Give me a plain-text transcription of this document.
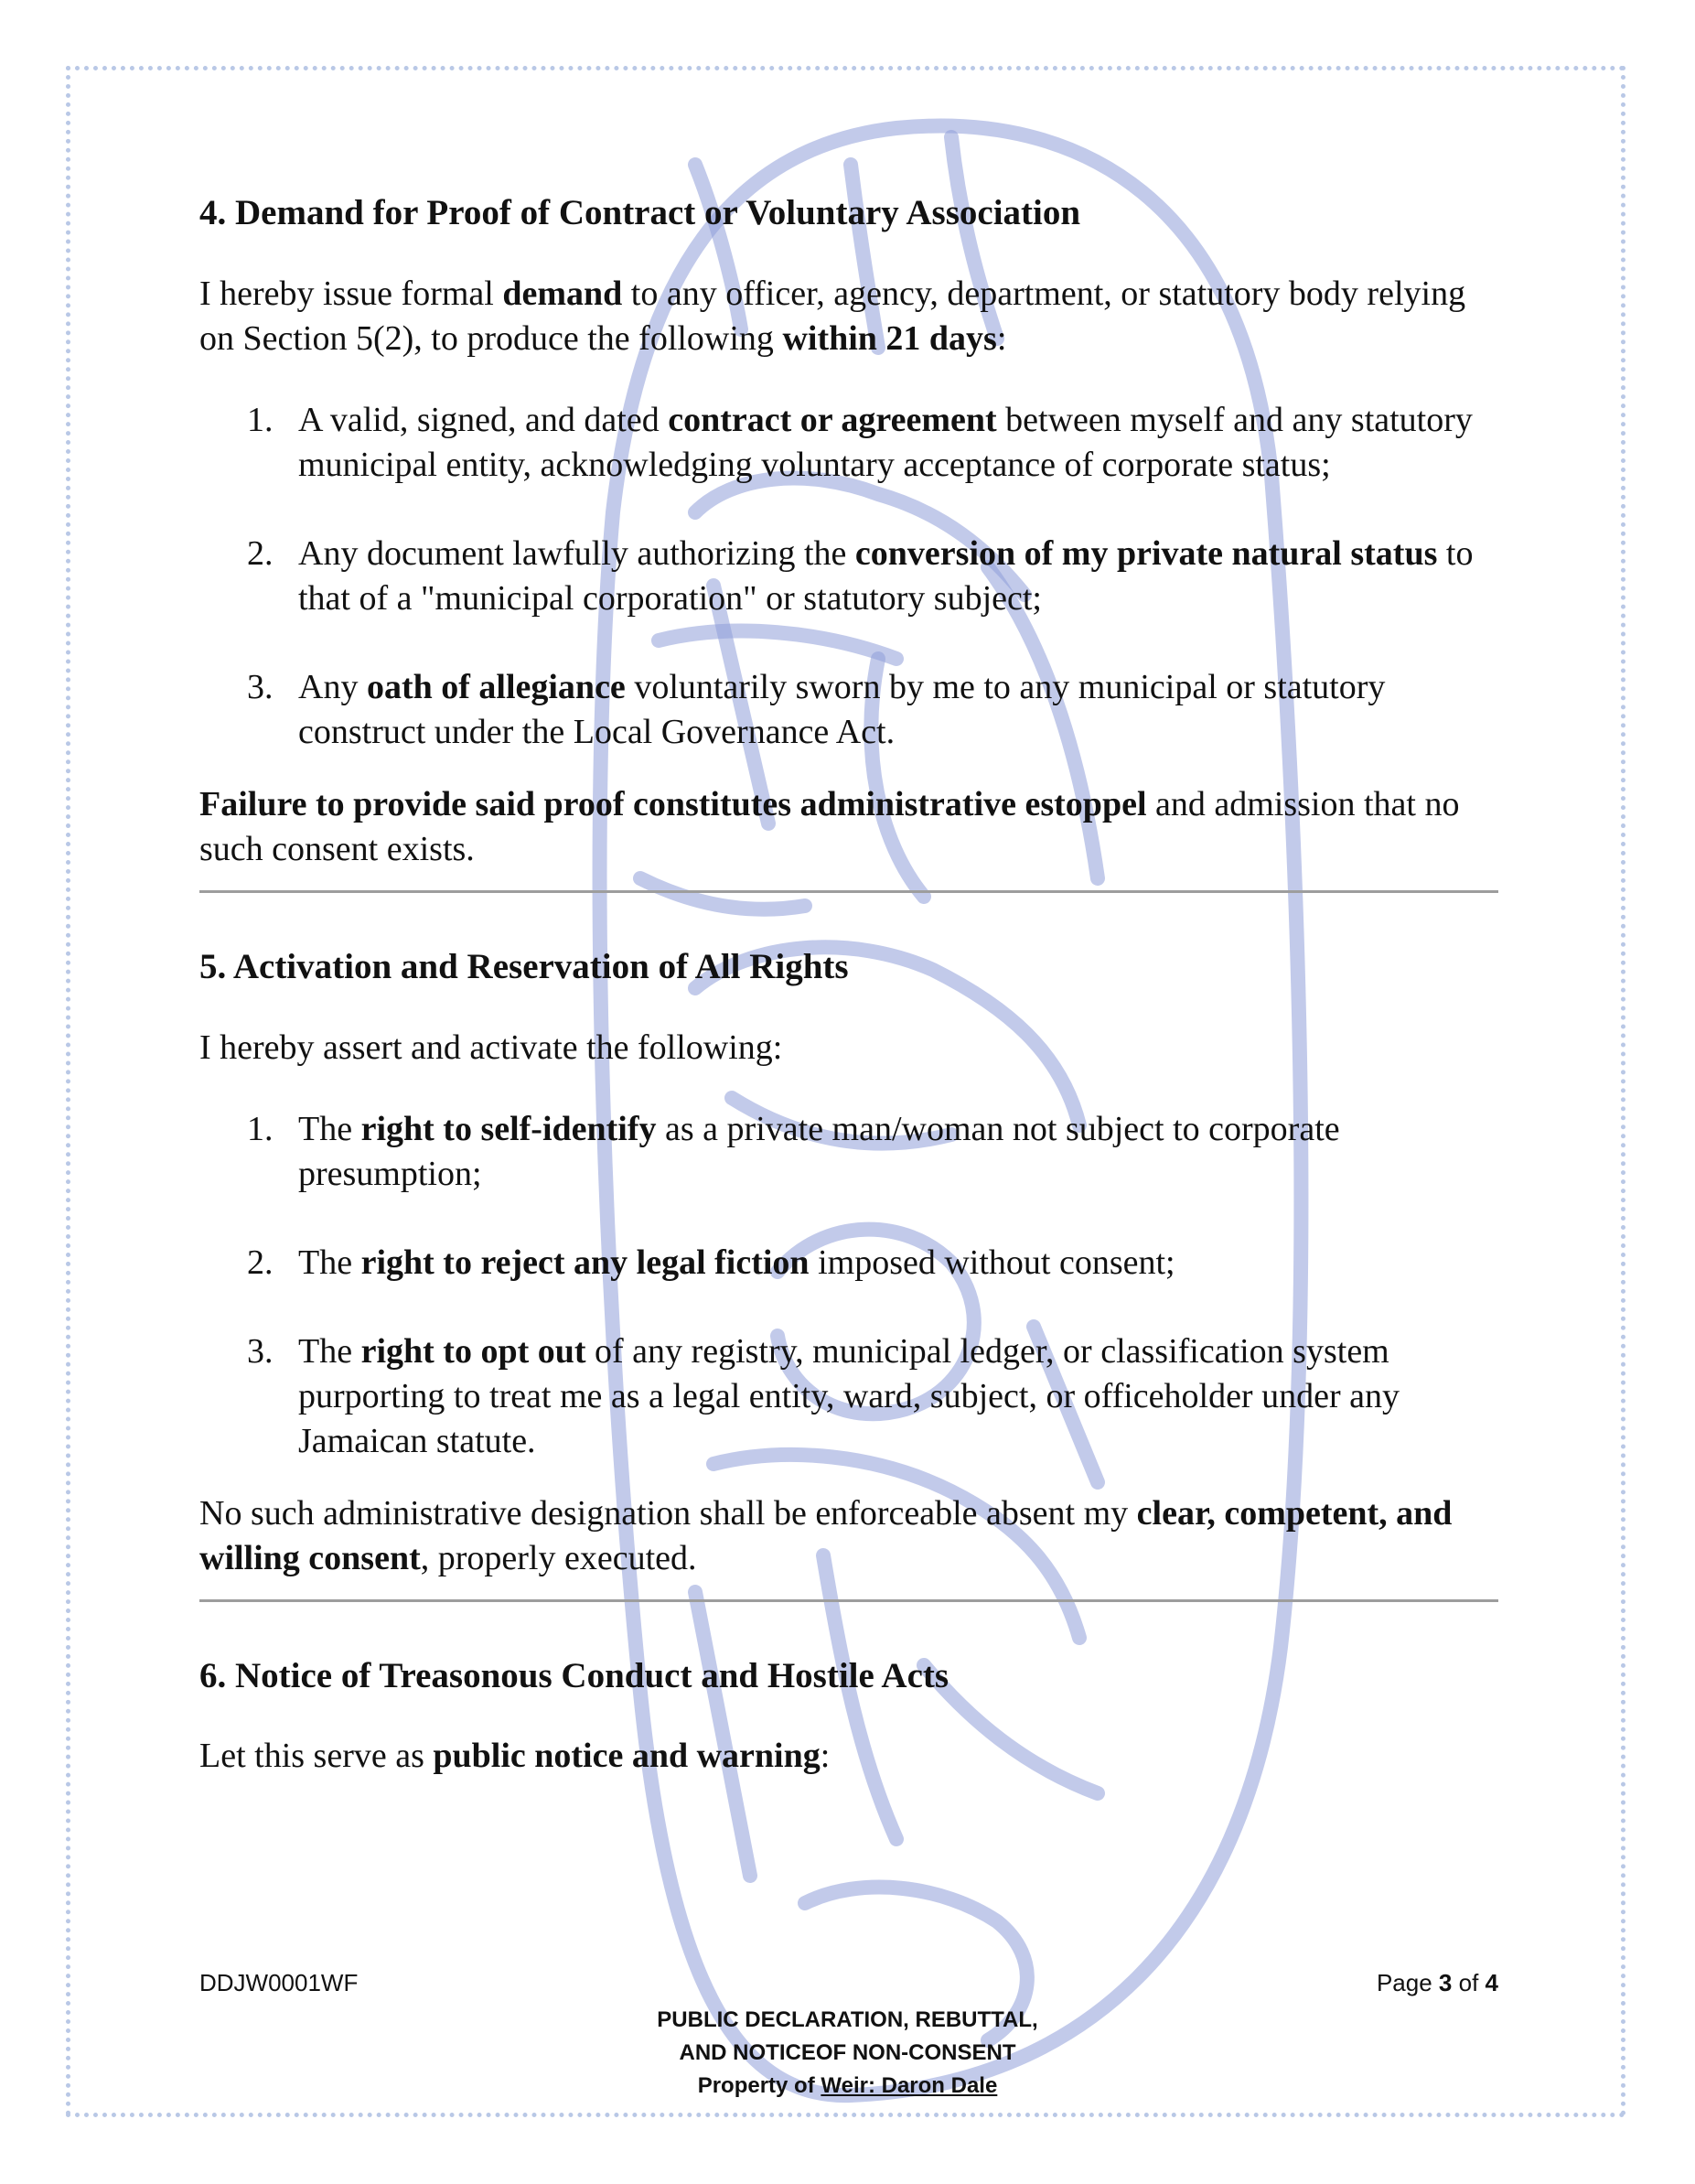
4. Demand for Proof of Contract or Voluntary Association

I hereby issue formal demand to any officer, agency, department, or statutory body relying on Section 5(2), to produce the following within 21 days:

1. A valid, signed, and dated contract or agreement between myself and any statutory municipal entity, acknowledging voluntary acceptance of corporate status;
2. Any document lawfully authorizing the conversion of my private natural status to that of a "municipal corporation" or statutory subject;
3. Any oath of allegiance voluntarily sworn by me to any municipal or statutory construct under the Local Governance Act.

Failure to provide said proof constitutes administrative estoppel and admission that no such consent exists.

5. Activation and Reservation of All Rights

I hereby assert and activate the following:

1. The right to self-identify as a private man/woman not subject to corporate presumption;
2. The right to reject any legal fiction imposed without consent;
3. The right to opt out of any registry, municipal ledger, or classification system purporting to treat me as a legal entity, ward, subject, or officeholder under any Jamaican statute.

No such administrative designation shall be enforceable absent my clear, competent, and willing consent, properly executed.

6. Notice of Treasonous Conduct and Hostile Acts

Let this serve as public notice and warning:

DDJW0001WF	Page 3 of 4
PUBLIC DECLARATION, REBUTTAL,
AND NOTICEOF NON-CONSENT
Property of Weir: Daron Dale
